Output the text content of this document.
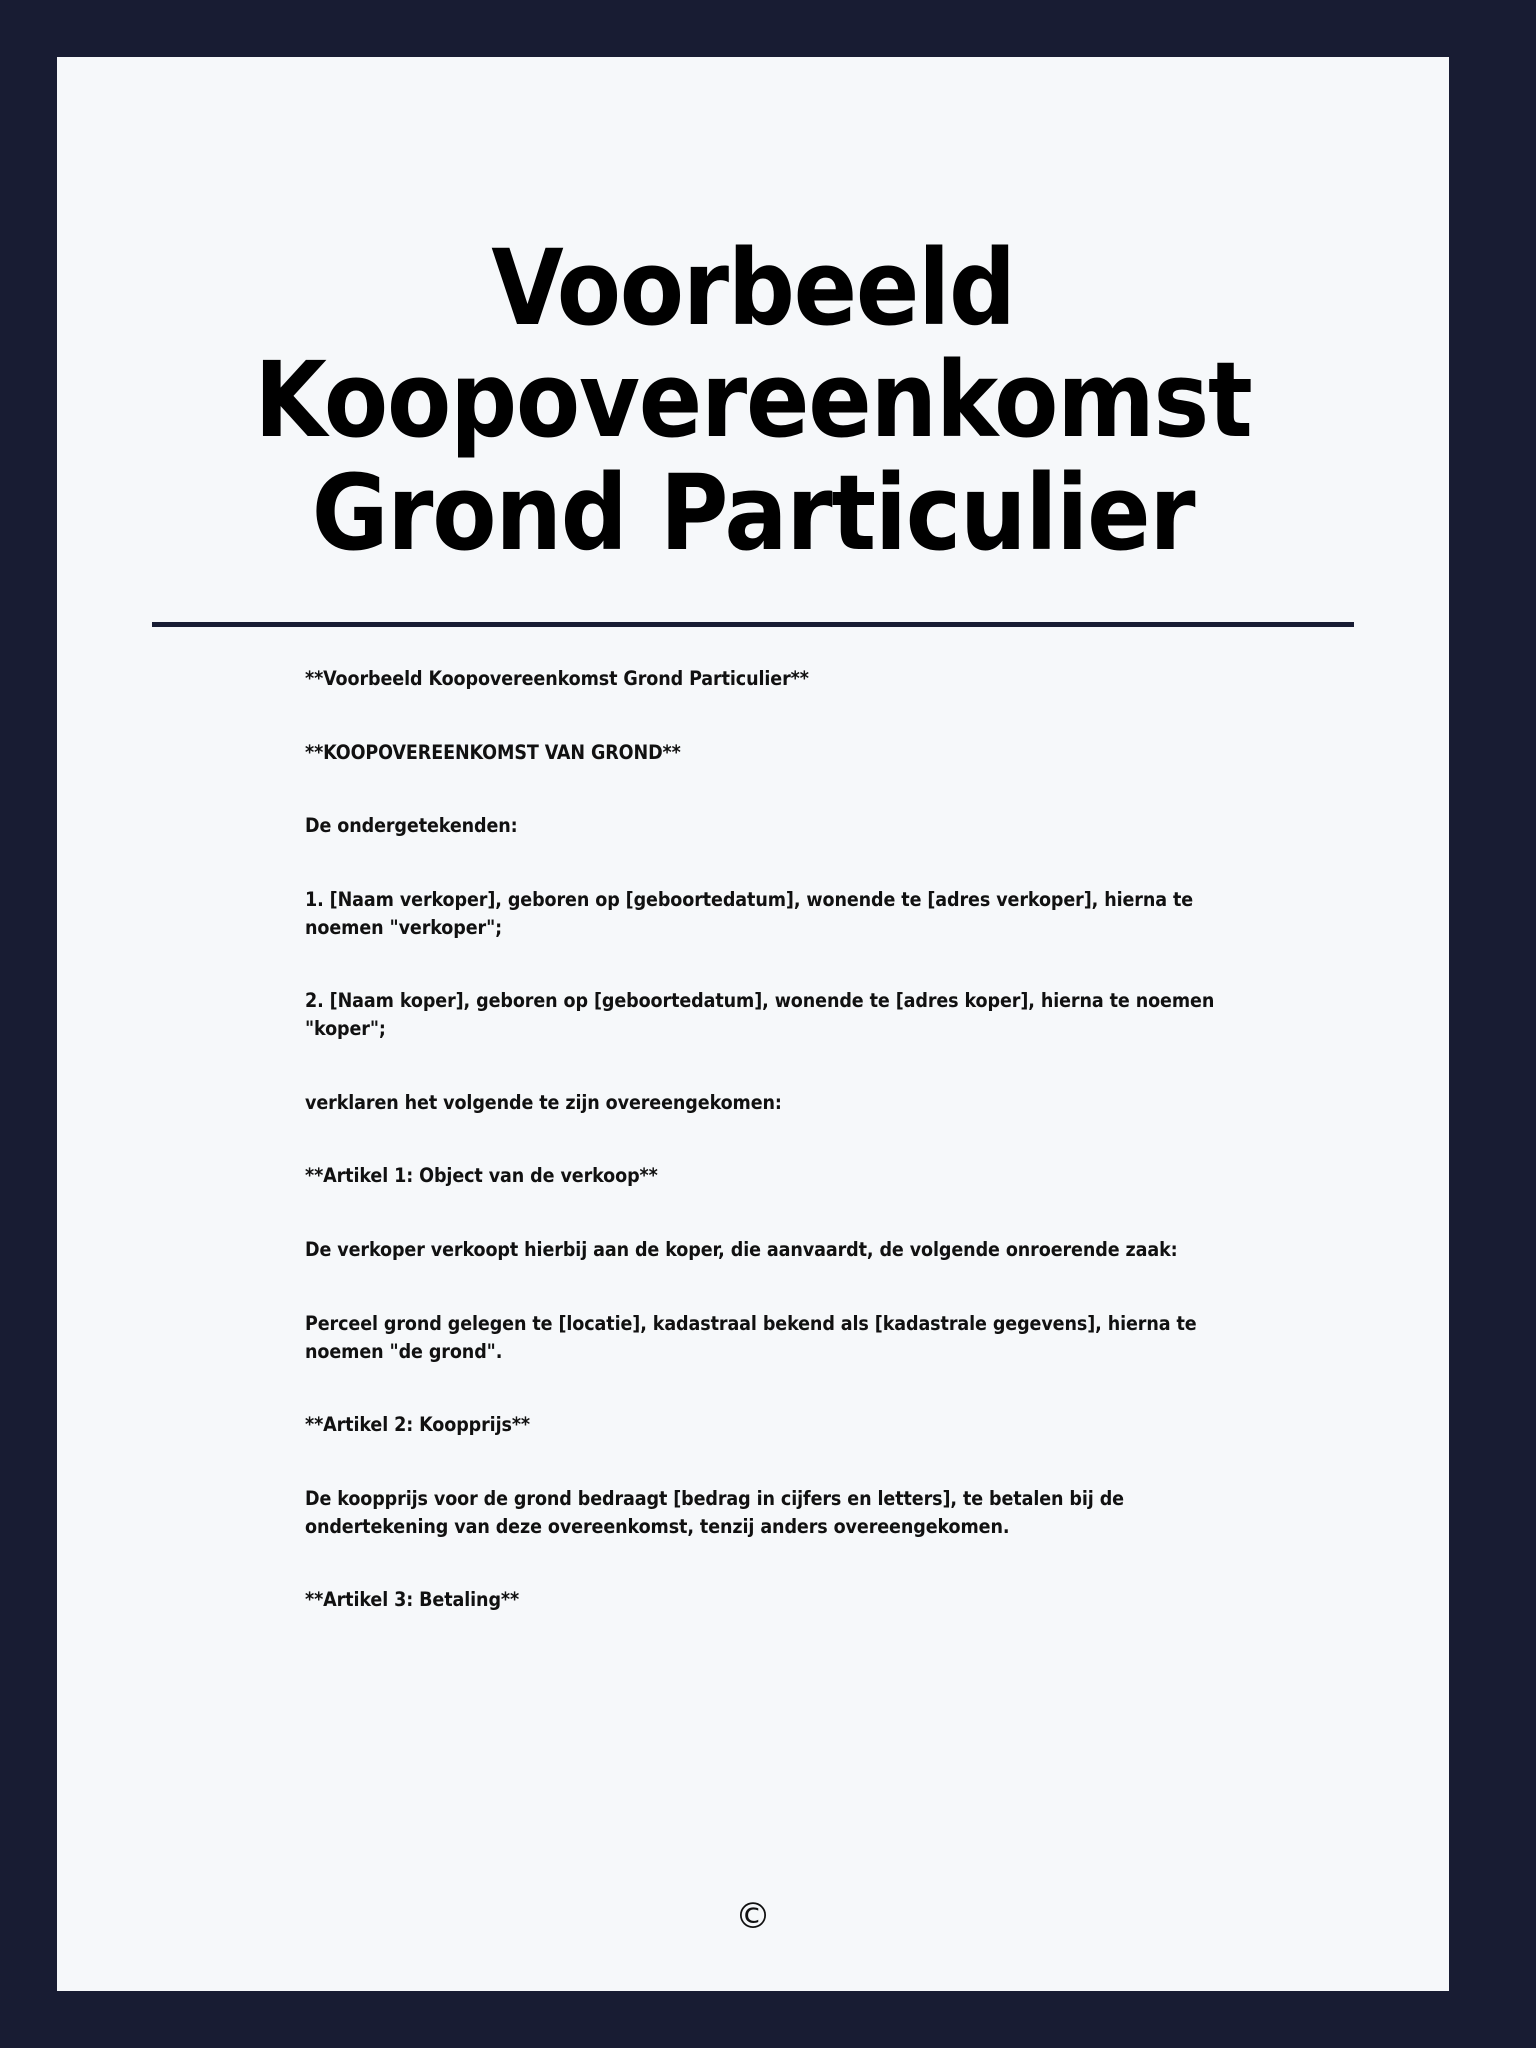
Voorbeeld Koopovereenkomst Grond Particulier

**Voorbeeld Koopovereenkomst Grond Particulier**

**KOOPOVEREENKOMST VAN GROND**

De ondergetekenden:

1. [Naam verkoper], geboren op [geboortedatum], wonende te [adres verkoper], hierna te noemen "verkoper";

2. [Naam koper], geboren op [geboortedatum], wonende te [adres koper], hierna te noemen "koper";

verklaren het volgende te zijn overeengekomen:

**Artikel 1: Object van de verkoop**

De verkoper verkoopt hierbij aan de koper, die aanvaardt, de volgende onroerende zaak:

Perceel grond gelegen te [locatie], kadastraal bekend als [kadastrale gegevens], hierna te noemen "de grond".

**Artikel 2: Koopprijs**

De koopprijs voor de grond bedraagt [bedrag in cijfers en letters], te betalen bij de ondertekening van deze overeenkomst, tenzij anders overeengekomen.

**Artikel 3: Betaling**

©
